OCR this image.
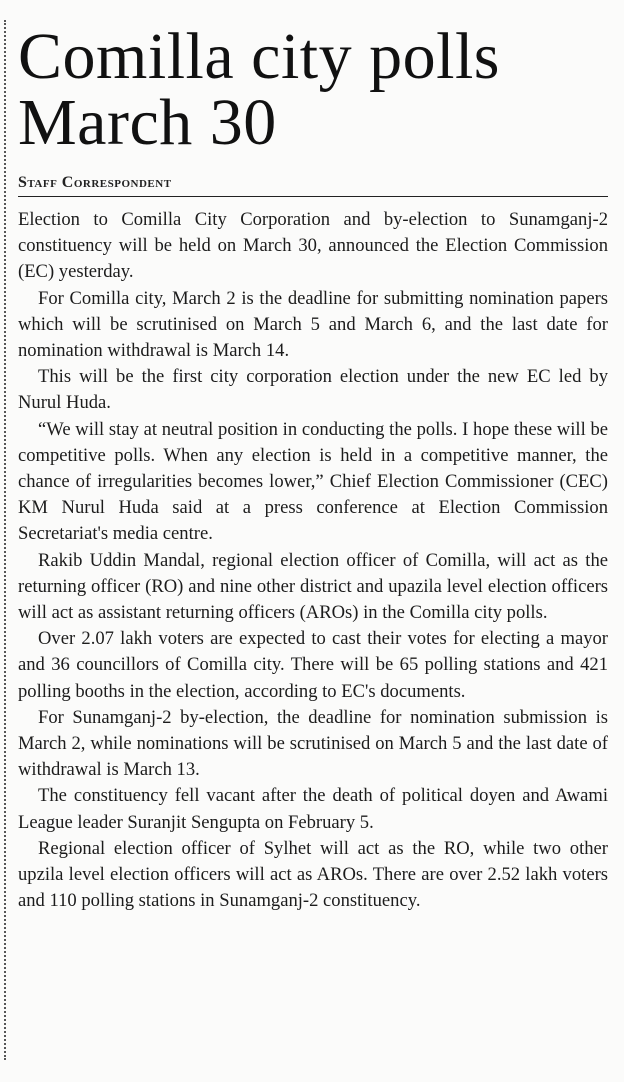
Comilla city polls
March 30
Staff Correspondent

Election to Comilla City Corporation and by-election to Sunamganj-2 constituency will be held on March 30, announced the Election Commission (EC) yesterday.

For Comilla city, March 2 is the deadline for submitting nomination papers which will be scrutinised on March 5 and March 6, and the last date for nomination withdrawal is March 14.

This will be the first city corporation election under the new EC led by Nurul Huda.

“We will stay at neutral position in conducting the polls. I hope these will be competitive polls. When any election is held in a competitive manner, the chance of irregularities becomes lower,” Chief Election Commissioner (CEC) KM Nurul Huda said at a press conference at Election Commission Secretariat's media centre.

Rakib Uddin Mandal, regional election officer of Comilla, will act as the returning officer (RO) and nine other district and upazila level election officers will act as assistant returning officers (AROs) in the Comilla city polls.

Over 2.07 lakh voters are expected to cast their votes for electing a mayor and 36 councillors of Comilla city. There will be 65 polling stations and 421 polling booths in the election, according to EC's documents.

For Sunamganj-2 by-election, the deadline for nomination submission is March 2, while nominations will be scrutinised on March 5 and the last date of withdrawal is March 13.

The constituency fell vacant after the death of political doyen and Awami League leader Suranjit Sengupta on February 5.

Regional election officer of Sylhet will act as the RO, while two other upzila level election officers will act as AROs. There are over 2.52 lakh voters and 110 polling stations in Sunamganj-2 constituency.
